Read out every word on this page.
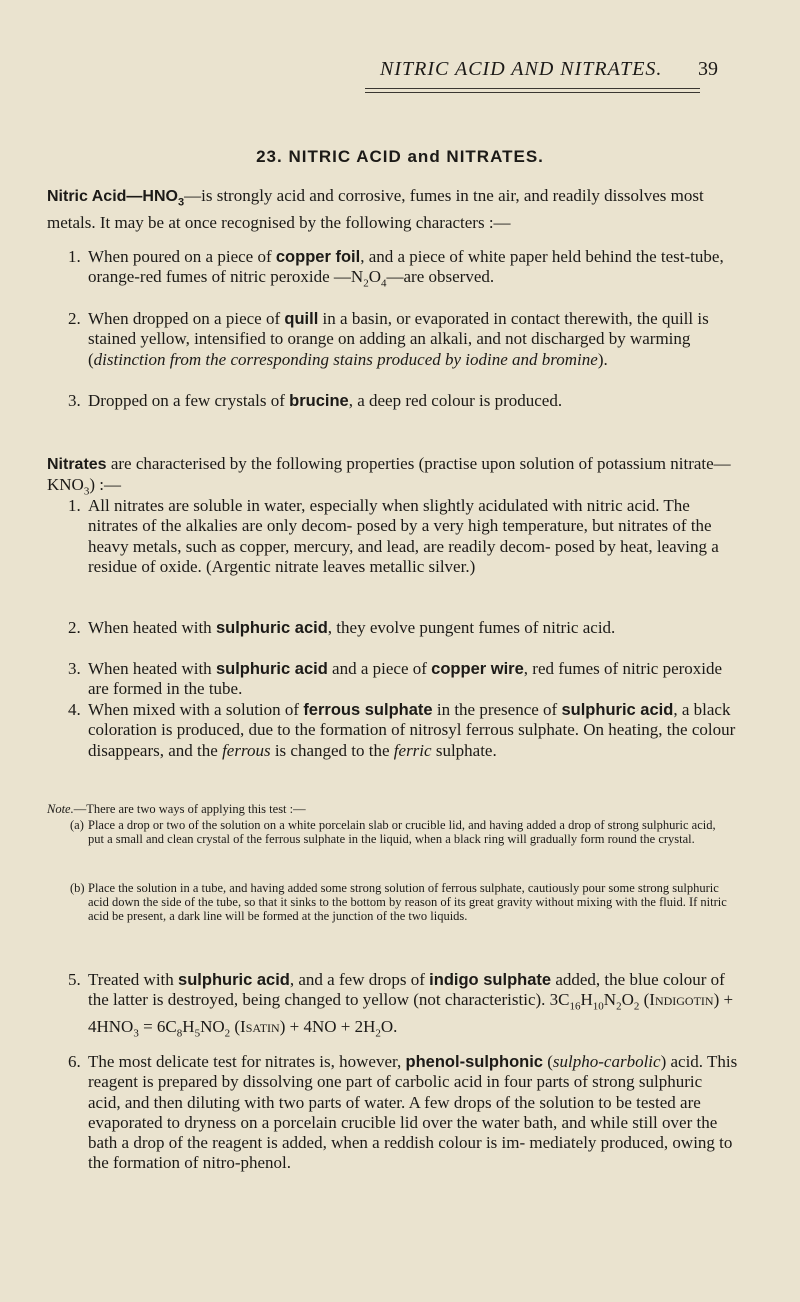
NITRIC ACID AND NITRATES. 39
23. NITRIC ACID and NITRATES.
Nitric $Acid—HNO_3—is$ strongly acid and corrosive, fumes in tne air, and readily dissolves most metals. It may be at once recognised by the following characters :—
1. When poured on a piece of copper foil, and a piece of white paper held behind the test-tube, orange-red fumes of nitric peroxide $—N_2O_4—are$ observed.
2. When dropped on a piece of quill in a basin, or evaporated in contact therewith, the quill is stained yellow, intensified to orange on adding an alkali, and not discharged by warming (distinction from the corresponding stains produced by iodine and bromine).
3. Dropped on a few crystals of brucine, a deep red colour is produced.
Nitrates are characterised by the following properties (practise upon solution of potassium $nitrate—KNO_3$) :—
1. All nitrates are soluble in water, especially when slightly acidulated with nitric acid. The nitrates of the alkalies are only decom- posed by a very high temperature, but nitrates of the heavy metals, such as copper, mercury, and lead, are readily decom- posed by heat, leaving a residue of oxide. (Argentic nitrate leaves metallic silver.)
2. When heated with sulphuric acid, they evolve pungent fumes of nitric acid.
3. When heated with sulphuric acid and a piece of copper wire, red fumes of nitric peroxide are formed in the tube.
4. When mixed with a solution of ferrous sulphate in the presence of sulphuric acid, a black coloration is produced, due to the formation of nitrosyl ferrous sulphate. On heating, the colour disappears, and the ferrous is changed to the ferric sulphate.
Note.—There are two ways of applying this test :—
(a) Place a drop or two of the solution on a white porcelain slab or crucible lid, and having added a drop of strong sulphuric acid, put a small and clean crystal of the ferrous sulphate in the liquid, when a black ring will gradually form round the crystal.
(b) Place the solution in a tube, and having added some strong solution of ferrous sulphate, cautiously pour some strong sulphuric acid down the side of the tube, so that it sinks to the bottom by reason of its great gravity without mixing with the fluid. If nitric acid be present, a dark line will be formed at the junction of the two liquids.
5. Treated with sulphuric acid, and a few drops of indigo sulphate added, the blue colour of the latter is destroyed, being changed to yellow (not characteristic). $3C_{16}H_{10}N_2O_2$ (Indigotin) + $4HNO_3 = 6C_8H_5NO_2$ (Isatin) + $4NO + 2H_2O$.
6. The most delicate test for nitrates is, however, phenol-sulphonic (sulpho-carbolic) acid. This reagent is prepared by dissolving one part of carbolic acid in four parts of strong sulphuric acid, and then diluting with two parts of water. A few drops of the solution to be tested are evaporated to dryness on a porcelain crucible lid over the water bath, and while still over the bath a drop of the reagent is added, when a reddish colour is im- mediately produced, owing to the formation of nitro-phenol.
